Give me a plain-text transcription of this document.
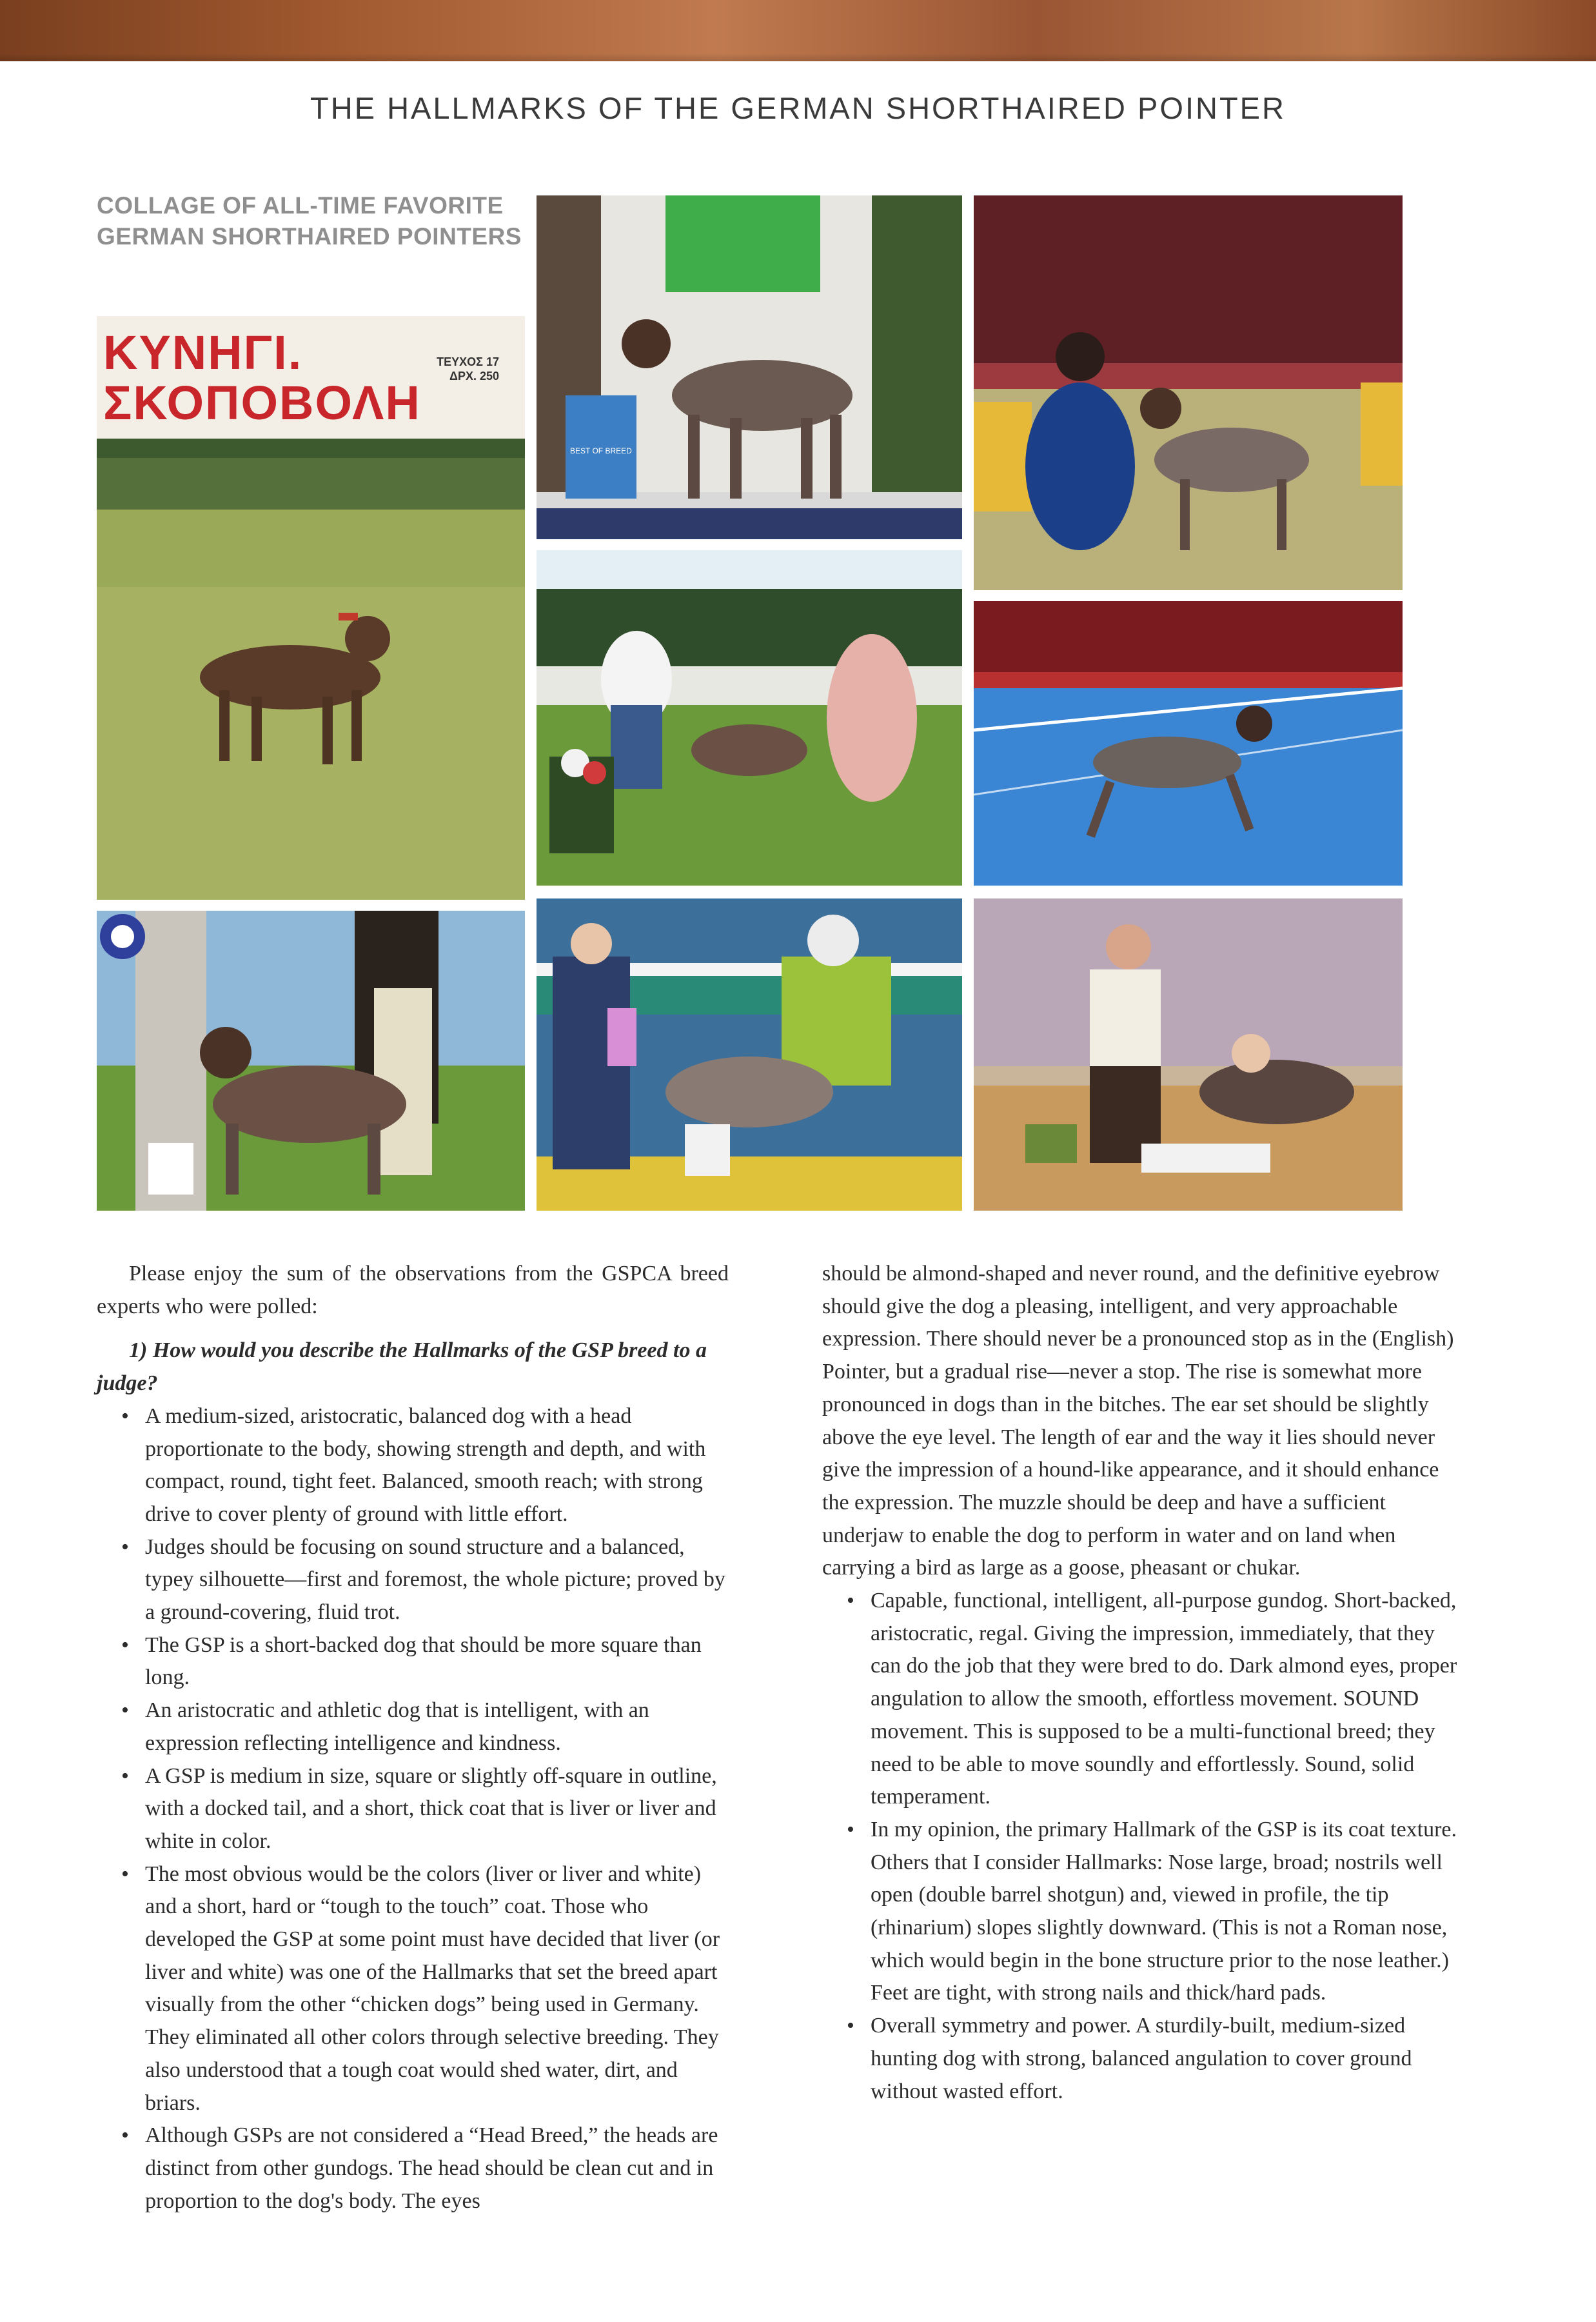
THE HALLMARKS OF THE GERMAN SHORTHAIRED POINTER
COLLAGE OF ALL-TIME FAVORITE
GERMAN SHORTHAIRED POINTERS
ΚΥΝΗΓΙ.
ΣΚΟΠΟΒΟΛΗ
ΤΕΥΧΟΣ 17
ΔΡΧ. 250
BEST OF BREED

Please enjoy the sum of the observations from the GSPCA breed experts who were polled:

1) How would you describe the Hallmarks of the GSP breed to a judge?

• A medium-sized, aristocratic, balanced dog with a head proportionate to the body, showing strength and depth, and with compact, round, tight feet. Balanced, smooth reach; with strong drive to cover plenty of ground with little effort.
• Judges should be focusing on sound structure and a balanced, typey silhouette—first and foremost, the whole picture; proved by a ground-covering, fluid trot.
• The GSP is a short-backed dog that should be more square than long.
• An aristocratic and athletic dog that is intelligent, with an expression reflecting intelligence and kindness.
• A GSP is medium in size, square or slightly off-square in outline, with a docked tail, and a short, thick coat that is liver or liver and white in color.
• The most obvious would be the colors (liver or liver and white) and a short, hard or “tough to the touch” coat. Those who developed the GSP at some point must have decided that liver (or liver and white) was one of the Hallmarks that set the breed apart visually from the other “chicken dogs” being used in Germany. They eliminated all other colors through selective breeding. They also understood that a tough coat would shed water, dirt, and briars.
• Although GSPs are not considered a “Head Breed,” the heads are distinct from other gundogs. The head should be clean cut and in proportion to the dog's body. The eyes

should be almond-shaped and never round, and the definitive eyebrow should give the dog a pleasing, intelligent, and very approachable expression. There should never be a pronounced stop as in the (English) Pointer, but a gradual rise—never a stop. The rise is somewhat more pronounced in dogs than in the bitches. The ear set should be slightly above the eye level. The length of ear and the way it lies should never give the impression of a hound-like appearance, and it should enhance the expression. The muzzle should be deep and have a sufficient underjaw to enable the dog to perform in water and on land when carrying a bird as large as a goose, pheasant or chukar.

• Capable, functional, intelligent, all-purpose gundog. Short-backed, aristocratic, regal. Giving the impression, immediately, that they can do the job that they were bred to do. Dark almond eyes, proper angulation to allow the smooth, effortless movement. SOUND movement. This is supposed to be a multi-functional breed; they need to be able to move soundly and effortlessly. Sound, solid temperament.
• In my opinion, the primary Hallmark of the GSP is its coat texture. Others that I consider Hallmarks: Nose large, broad; nostrils well open (double barrel shotgun) and, viewed in profile, the tip (rhinarium) slopes slightly downward. (This is not a Roman nose, which would begin in the bone structure prior to the nose leather.) Feet are tight, with strong nails and thick/hard pads.
• Overall symmetry and power. A sturdily-built, medium-sized hunting dog with strong, balanced angulation to cover ground without wasted effort.
